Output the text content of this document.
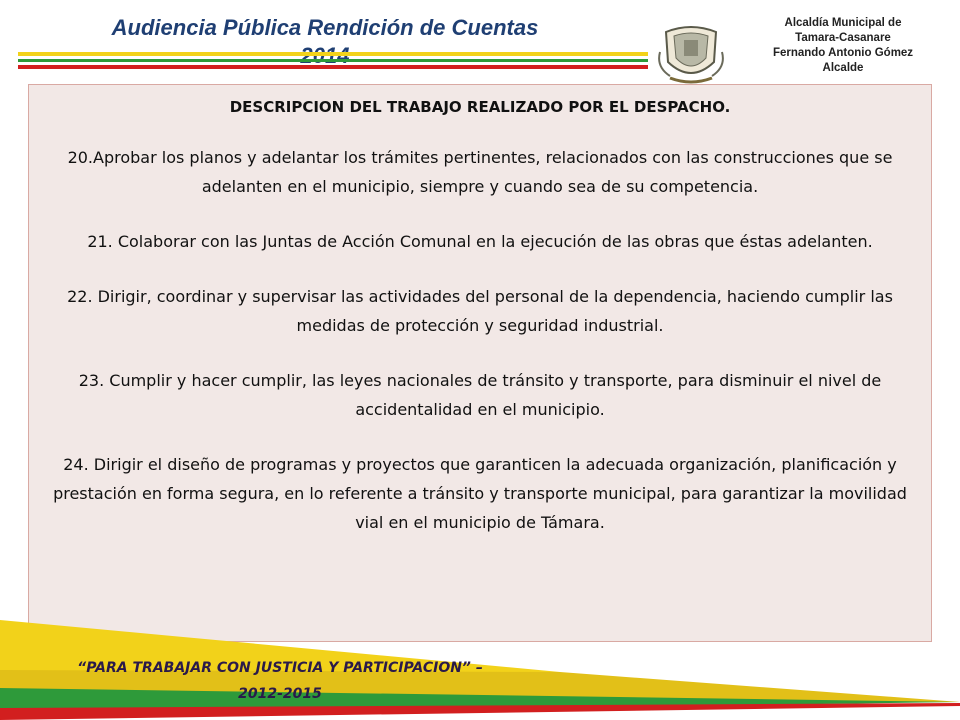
Audiencia Pública Rendición de Cuentas	Alcaldía Municipal de
Tamara-Casanare
Fernando Antonio Gómez
Alcalde
DESCRIPCION DEL TRABAJO REALIZADO POR EL DESPACHO.
20.Aprobar los planos y adelantar los trámites pertinentes, relacionados con las construcciones que se adelanten en el municipio, siempre y cuando sea de su competencia.
21. Colaborar con las Juntas de Acción Comunal en la ejecución de las obras que éstas adelanten.
22. Dirigir, coordinar y supervisar las actividades del personal de la dependencia, haciendo cumplir las medidas de protección y seguridad industrial.
23. Cumplir y hacer cumplir, las leyes nacionales de tránsito y transporte, para disminuir el nivel de accidentalidad en el municipio.
24. Dirigir el diseño de programas y proyectos que garanticen la adecuada organización, planificación y prestación en forma segura, en lo referente a tránsito y transporte municipal, para garantizar la movilidad vial en el municipio de Támara.
“PARA TRABAJAR CON JUSTICIA Y PARTICIPACION” –
2012-2015
